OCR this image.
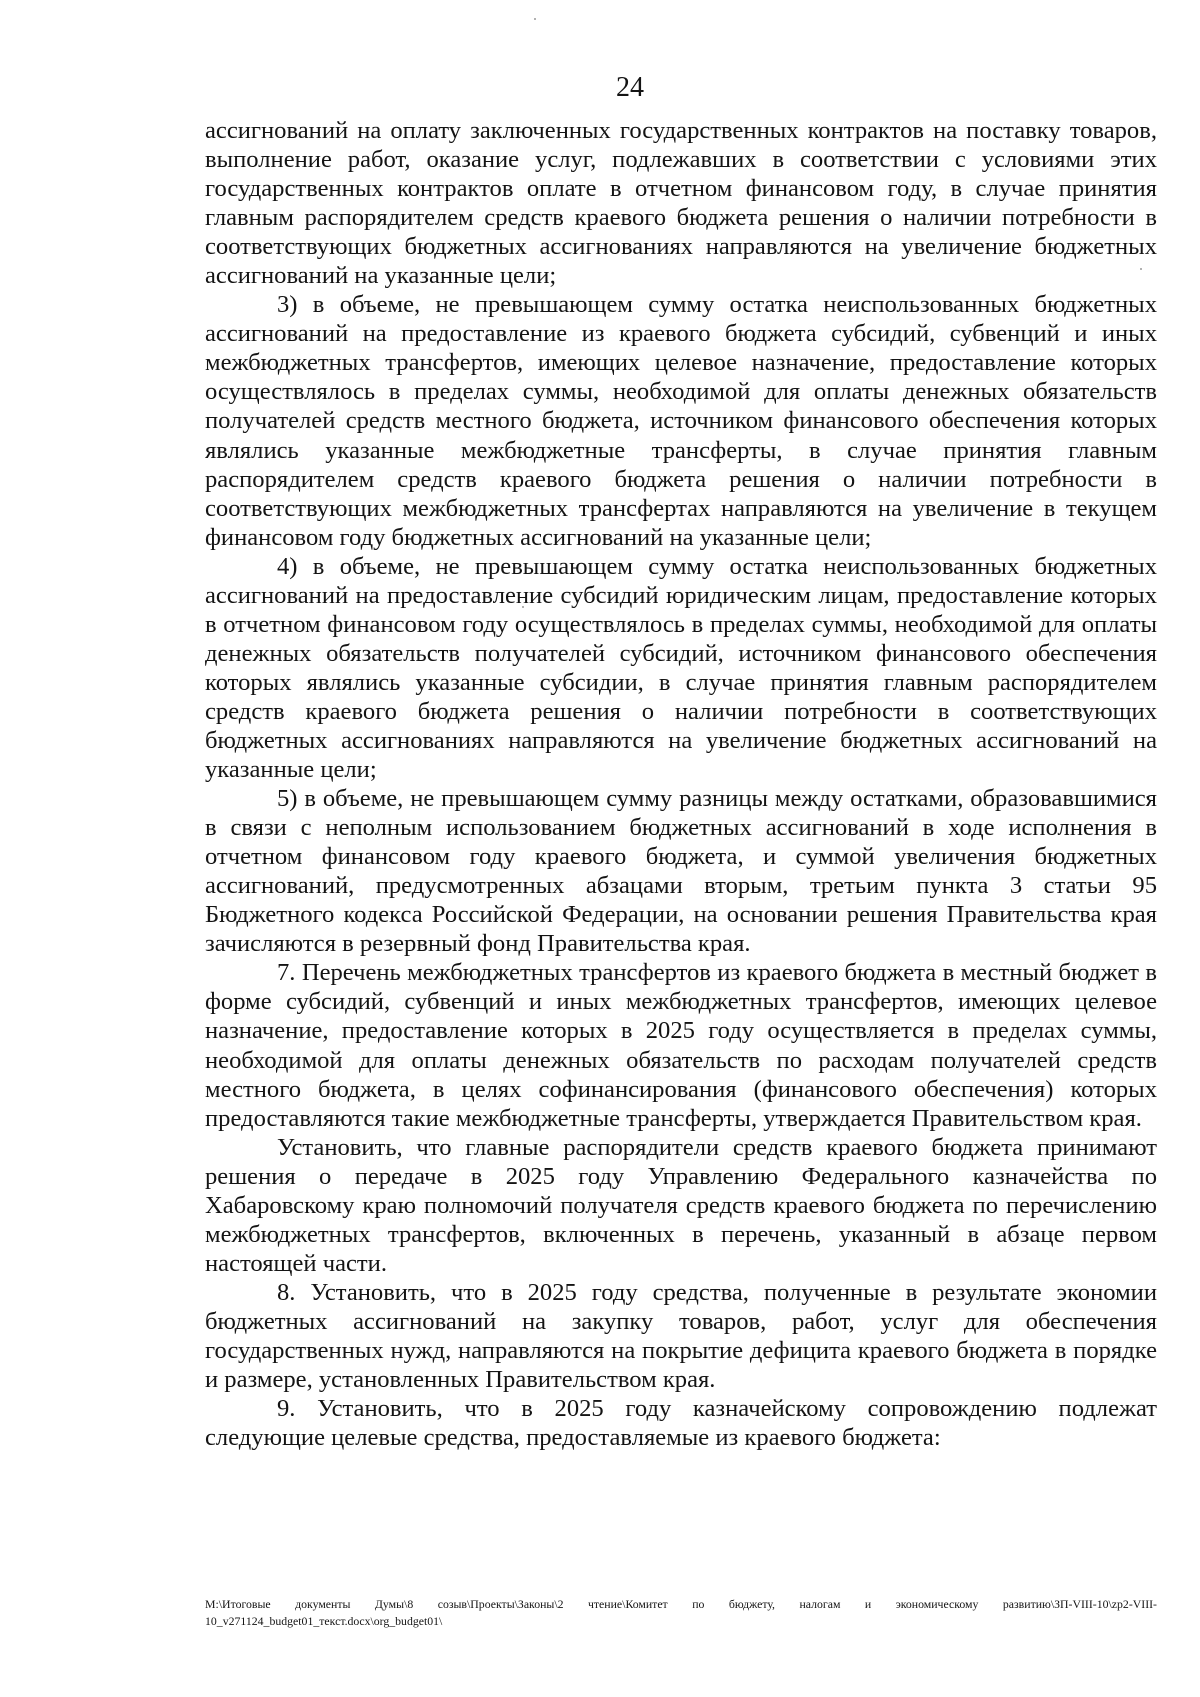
24

ассигнований на оплату заключенных государственных контрактов на поставку товаров, выполнение работ, оказание услуг, подлежавших в соответствии с условиями этих государственных контрактов оплате в отчетном финансовом году, в случае принятия главным распорядителем средств краевого бюджета решения о наличии потребности в соответствующих бюджетных ассигнованиях направляются на увеличение бюджетных ассигнований на указанные цели;

3) в объеме, не превышающем сумму остатка неиспользованных бюджетных ассигнований на предоставление из краевого бюджета субсидий, субвенций и иных межбюджетных трансфертов, имеющих целевое назначение, предоставление которых осуществлялось в пределах суммы, необходимой для оплаты денежных обязательств получателей средств местного бюджета, источником финансового обеспечения которых являлись указанные межбюджетные трансферты, в случае принятия главным распорядителем средств краевого бюджета решения о наличии потребности в соответствующих межбюджетных трансфертах направляются на увеличение в текущем финансовом году бюджетных ассигнований на указанные цели;

4) в объеме, не превышающем сумму остатка неиспользованных бюджетных ассигнований на предоставление субсидий юридическим лицам, предоставление которых в отчетном финансовом году осуществлялось в пределах суммы, необходимой для оплаты денежных обязательств получателей субсидий, источником финансового обеспечения которых являлись указанные субсидии, в случае принятия главным распорядителем средств краевого бюджета решения о наличии потребности в соответствующих бюджетных ассигнованиях направляются на увеличение бюджетных ассигнований на указанные цели;

5) в объеме, не превышающем сумму разницы между остатками, образовавшимися в связи с неполным использованием бюджетных ассигнований в ходе исполнения в отчетном финансовом году краевого бюджета, и суммой увеличения бюджетных ассигнований, предусмотренных абзацами вторым, третьим пункта 3 статьи 95 Бюджетного кодекса Российской Федерации, на основании решения Правительства края зачисляются в резервный фонд Правительства края.

7. Перечень межбюджетных трансфертов из краевого бюджета в местный бюджет в форме субсидий, субвенций и иных межбюджетных трансфертов, имеющих целевое назначение, предоставление которых в 2025 году осуществляется в пределах суммы, необходимой для оплаты денежных обязательств по расходам получателей средств местного бюджета, в целях софинансирования (финансового обеспечения) которых предоставляются такие межбюджетные трансферты, утверждается Правительством края.

Установить, что главные распорядители средств краевого бюджета принимают решения о передаче в 2025 году Управлению Федерального казначейства по Хабаровскому краю полномочий получателя средств краевого бюджета по перечислению межбюджетных трансфертов, включенных в перечень, указанный в абзаце первом настоящей части.

8. Установить, что в 2025 году средства, полученные в результате экономии бюджетных ассигнований на закупку товаров, работ, услуг для обеспечения государственных нужд, направляются на покрытие дефицита краевого бюджета в порядке и размере, установленных Правительством края.

9. Установить, что в 2025 году казначейскому сопровождению подлежат следующие целевые средства, предоставляемые из краевого бюджета:

M:\Итоговые документы Думы\8 созыв\Проекты\Законы\2 чтение\Комитет по бюджету, налогам и экономическому развитию\ЗП-VIII-10\zp2-VIII-10_v271124_budget01_текст.docx\org_budget01\
